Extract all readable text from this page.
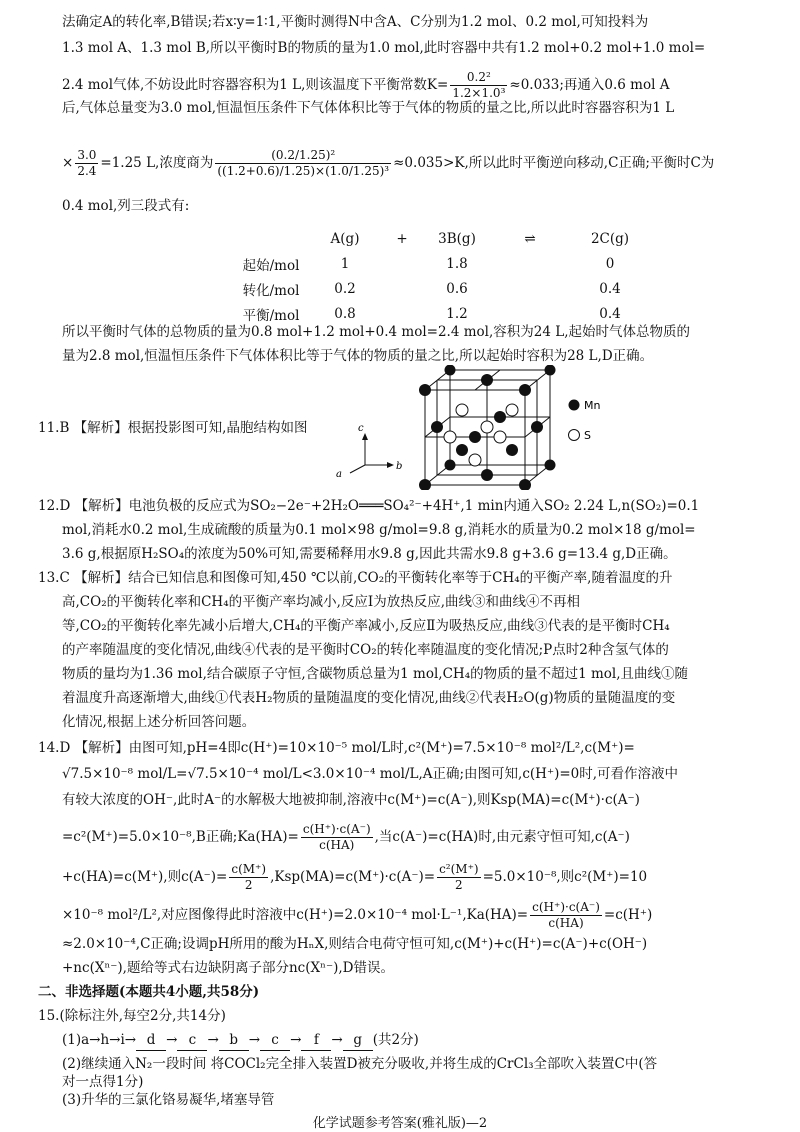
法确定A的转化率,B错误;若x∶y=1∶1,平衡时测得N中含A、C分别为1.2 mol、0.2 mol,可知投料为
1.3 mol A、1.3 mol B,所以平衡时B的物质的量为1.0 mol,此时容器中共有1.2 mol+0.2 mol+1.0 mol=
2.4 mol气体,不妨设此时容器容积为1 L,则该温度下平衡常数$K= \frac{\text{0.2²}}{\text{1.2×1.0³}} \approx 0.033$;再通入0.6 mol A
后,气体总量变为3.0 mol,恒温恒压条件下气体体积比等于气体的物质的量之比,所以此时容器容积为1 L
× $\frac{3.0}{2.4} =1.25$ L,浓度商为 $\frac{\text{(0.2/1.25)²}}{\text{((1.2+0.6)/1.25)×(1.0/1.25)³}} \approx 0.035>K$,所以此时平衡逆向移动,C正确;平衡时C为
0.4 mol,列三段式有:
	A(g)	+	3B(g)	⇌	2C(g)
起始/mol	1		1.8		0
转化/mol	0.2		0.6		0.4
平衡/mol	0.8		1.2		0.4
所以平衡时气体的总物质的量为0.8 mol+1.2 mol+0.4 mol=2.4 mol,容积为24 L,起始时气体总物质的
量为2.8 mol,恒温恒压条件下气体体积比等于气体的物质的量之比,所以起始时容积为28 L,D正确。
11.B 【解析】根据投影图可知,晶胞结构如图	c
b
a
Mn
S
12.D 【解析】电池负极的反应式为SO₂−2e⁻+2H₂O═══SO₄²⁻+4H⁺,1 min内通入SO₂ 2.24 L,n(SO₂)=0.1
mol,消耗水0.2 mol,生成硫酸的质量为0.1 mol×98 g/mol=9.8 g,消耗水的质量为0.2 mol×18 g/mol=
3.6 g,根据原H₂SO₄的浓度为50%可知,需要稀释用水9.8 g,因此共需水9.8 g+3.6 g=13.4 g,D正确。
13.C 【解析】结合已知信息和图像可知,450 ℃以前,CO₂的平衡转化率等于CH₄的平衡产率,随着温度的升
高,CO₂的平衡转化率和CH₄的平衡产率均减小,反应Ⅰ为放热反应,曲线③和曲线④不再相
等,CO₂的平衡转化率先减小后增大,CH₄的平衡产率减小,反应Ⅱ为吸热反应,曲线③代表的是平衡时CH₄
的产率随温度的变化情况,曲线④代表的是平衡时CO₂的转化率随温度的变化情况;P点时2种含氢气体的
物质的量均为1.36 mol,结合碳原子守恒,含碳物质总量为1 mol,CH₄的物质的量不超过1 mol,且曲线①随
着温度升高逐渐增大,曲线①代表H₂物质的量随温度的变化情况,曲线②代表H₂O(g)物质的量随温度的变
化情况,根据上述分析回答问题。
14.D 【解析】由图可知,pH=4即c(H⁺)=10×10⁻⁵ mol/L时,c²(M⁺)=7.5×10⁻⁸ mol²/L²,c(M⁺)=
√7.5×10⁻⁸ mol/L=√7.5×10⁻⁴ mol/L<3.0×10⁻⁴ mol/L,A正确;由图可知,c(H⁺)=0时,可看作溶液中
有较大浓度的OH⁻,此时A⁻的水解极大地被抑制,溶液中c(M⁺)=c(A⁻),则Ksp(MA)=c(M⁺)·c(A⁻)
=c²(M⁺)=5.0×10⁻⁸,B正确;Ka(HA)= $\frac{c(H^+)\cdot c(A^-)}{c(HA)}$ ,当c(A⁻)=c(HA)时,由元素守恒可知,c(A⁻)
+c(HA)=c(M⁺),则$c(A^-)= \frac{c(M^+)}{2} ,Ksp(MA)=c(M^+)\cdot c(A^-)= \frac{\text{c²(M⁺)}}{2} =5.0\times 10^{-8}$,则c²(M⁺)=10
×10⁻⁸ mol²/L²,对应图像得此时溶液中c(H⁺)=2.0×10⁻⁴ $mol\cdot L^{-1},Ka(HA)= \frac{c(H^+)\cdot c(A^-)}{c(HA)} =c(H^+)$
≈2.0×10⁻⁴,C正确;设调pH所用的酸为HₙX,则结合电荷守恒可知,c(M⁺)+c(H⁺)=c(A⁻)+c(OH⁻)
+nc(Xⁿ⁻),题给等式右边缺阴离子部分nc(Xⁿ⁻),D错误。
二、非选择题(本题共4小题,共58分)
15.(除标注外,每空2分,共14分)
(1)a→h→i→ d → c → b → c → f → g (共2分)
(2)继续通入N₂一段时间 将COCl₂完全排入装置D被充分吸收,并将生成的CrCl₃全部吹入装置C中(答
对一点得1分)
化学试题参考答案(雅礼版)—2
(3)升华的三氯化铬易凝华,堵塞导管
